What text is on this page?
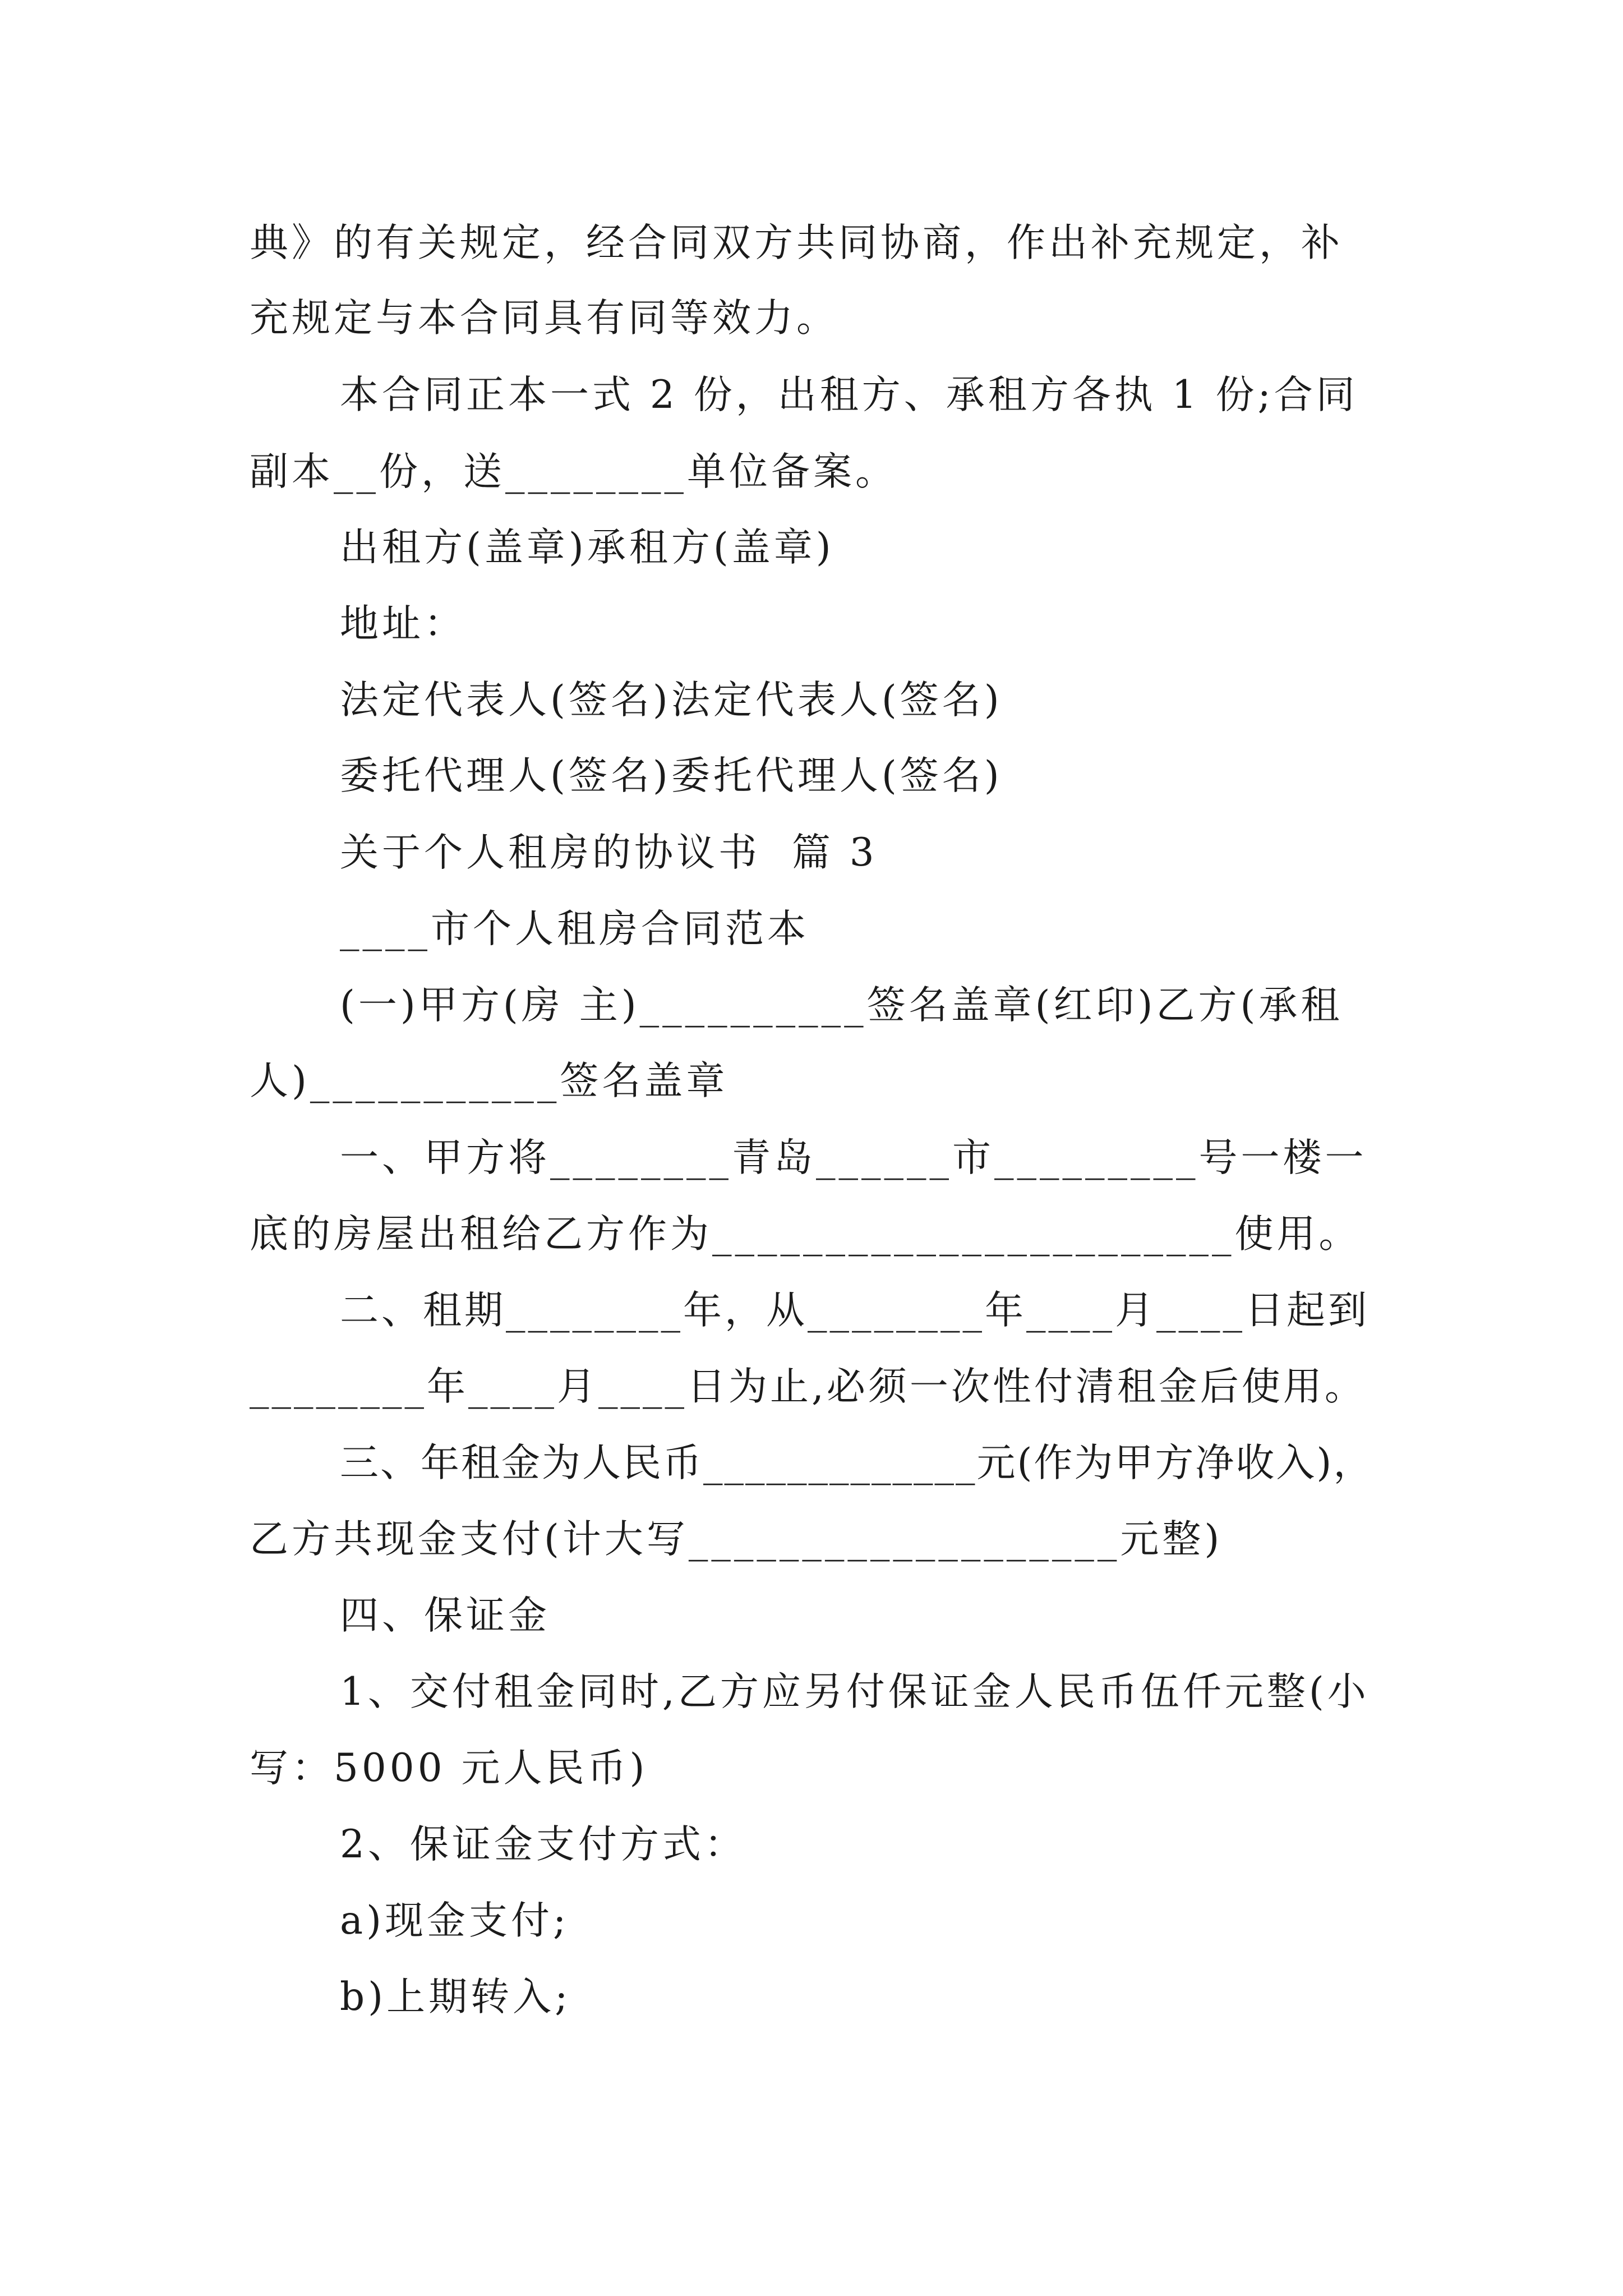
典》的有关规定，经合同双方共同协商，作出补充规定，补

充规定与本合同具有同等效力。

本合同正本一式 2 份，出租方、承租方各执 1 份;合同

副本__份，送________单位备案。

出租方(盖章)承租方(盖章)

地址：

法定代表人(签名)法定代表人(签名)

委托代理人(签名)委托代理人(签名)

关于个人租房的协议书  篇 3

____市个人租房合同范本

(一)甲方(房 主)__________签名盖章(红印)乙方(承租

人)___________签名盖章

一、甲方将________青岛______市_________号一楼一

底的房屋出租给乙方作为_______________________使用。

二、租期________年，从________年____月____日起到

________年____月____日为止,必须一次性付清租金后使用。

三、年租金为人民币_____________元(作为甲方净收入)，

乙方共现金支付(计大写___________________元整)

四、保证金

1、交付租金同时,乙方应另付保证金人民币伍仟元整(小

写：5000 元人民币)

2、保证金支付方式：

a)现金支付;

b)上期转入;
